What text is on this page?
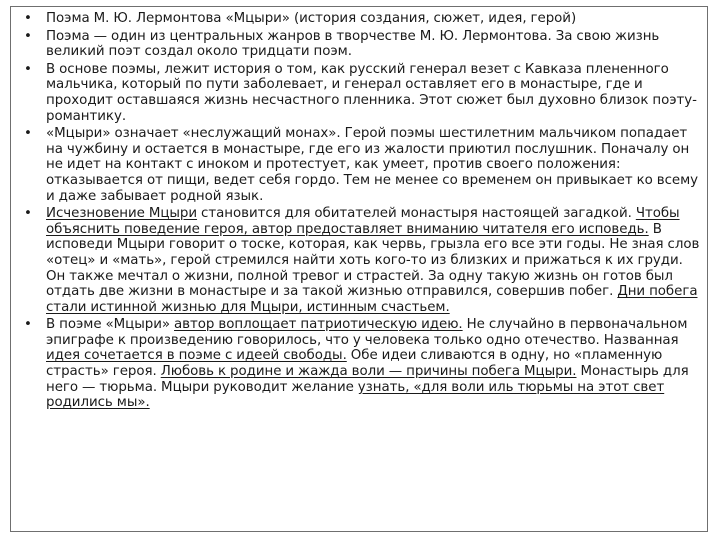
• Поэма М. Ю. Лермонтова «Мцыри» (история создания, сюжет, идея, герой)
• Поэма — один из центральных жанров в творчестве М. Ю. Лермонтова. За свою жизнь великий поэт создал около тридцати поэм.
• В основе поэмы, лежит история о том, как русский генерал везет с Кавказа плененного мальчика, который по пути заболевает, и генерал оставляет его в монастыре, где и проходит оставшаяся жизнь несчастного пленника. Этот сюжет был духовно близок поэту-романтику.
• «Мцыри» означает «неслужащий монах». Герой поэмы шестилетним мальчиком попадает на чужбину и остается в монастыре, где его из жалости приютил послушник. Поначалу он не идет на контакт с иноком и протестует, как умеет, против своего положения: отказывается от пищи, ведет себя гордо. Тем не менее со временем он привыкает ко всему и даже забывает родной язык.
• Исчезновение Мцыри становится для обитателей монастыря настоящей загадкой. Чтобы объяснить поведение героя, автор предоставляет вниманию читателя его исповедь. В исповеди Мцыри говорит о тоске, которая, как червь, грызла его все эти годы. Не зная слов «отец» и «мать», герой стремился найти хоть кого-то из близких и прижаться к их груди. Он также мечтал о жизни, полной тревог и страстей. За одну такую жизнь он готов был отдать две жизни в монастыре и за такой жизнью отправился, совершив побег. Дни побега стали истинной жизнью для Мцыри, истинным счастьем.
• В поэме «Мцыри» автор воплощает патриотическую идею. Не случайно в первоначальном эпиграфе к произведению говорилось, что у человека только одно отечество. Названная идея сочетается в поэме с идеей свободы. Обе идеи сливаются в одну, но «пламенную страсть» героя. Любовь к родине и жажда воли — причины побега Мцыри. Монастырь для него — тюрьма. Мцыри руководит желание узнать, «для воли иль тюрьмы на этот свет родились мы».
